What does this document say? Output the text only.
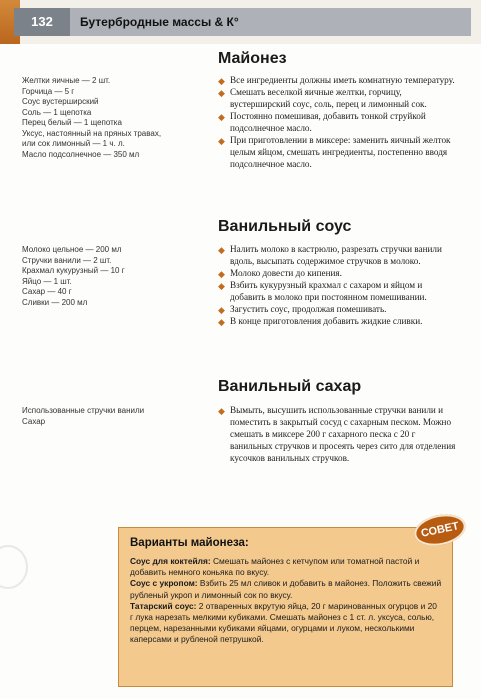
132	Бутербродные массы & К°
Майонез
Желтки яичные — 2 шт.
Горчица — 5 г
Соус вустерширский
Соль — 1 щепотка
Перец белый — 1 щепотка
Уксус, настоянный на пряных травах,
или сок лимонный — 1 ч. л.
Масло подсолнечное — 350 мл
◆ Все ингредиенты должны иметь комнатную температуру.
◆ Смешать веселкой яичные желтки, горчицу, вустерширский соус, соль, перец и лимонный сок.
◆ Постоянно помешивая, добавить тонкой струйкой подсолнечное масло.
◆ При приготовлении в миксере: заменить яичный желток целым яйцом, смешать ингредиенты, постепенно вводя подсолнечное масло.
Ванильный соус
Молоко цельное — 200 мл
Стручки ванили — 2 шт.
Крахмал кукурузный — 10 г
Яйцо — 1 шт.
Сахар — 40 г
Сливки — 200 мл
◆ Налить молоко в кастрюлю, разрезать стручки ванили вдоль, высыпать содержимое стручков в молоко.
◆ Молоко довести до кипения.
◆ Взбить кукурузный крахмал с сахаром и яйцом и добавить в молоко при постоянном помешивании.
◆ Загустить соус, продолжая помешивать.
◆ В конце приготовления добавить жидкие сливки.
Ванильный сахар
Использованные стручки ванили
Сахар
◆ Вымыть, высушить использованные стручки ванили и поместить в закрытый сосуд с сахарным песком. Можно смешать в миксере 200 г сахарного песка с 20 г ванильных стручков и просеять через сито для отделения кусочков ванильных стручков.
Варианты майонеза:
Соус для коктейля: Смешать майонез с кетчупом или томатной пастой и добавить немного коньяка по вкусу.
Соус с укропом: Взбить 25 мл сливок и добавить в майонез. Положить свежий рубленый укроп и лимонный сок по вкусу.
Татарский соус: 2 отваренных вкрутую яйца, 20 г маринованных огурцов и 20 г лука нарезать мелкими кубиками. Смешать майонез с 1 ст. л. уксуса, солью, перцем, нарезанными кубиками яйцами, огурцами и луком, несколькими каперсами и рубленой петрушкой.
СОВЕТ
